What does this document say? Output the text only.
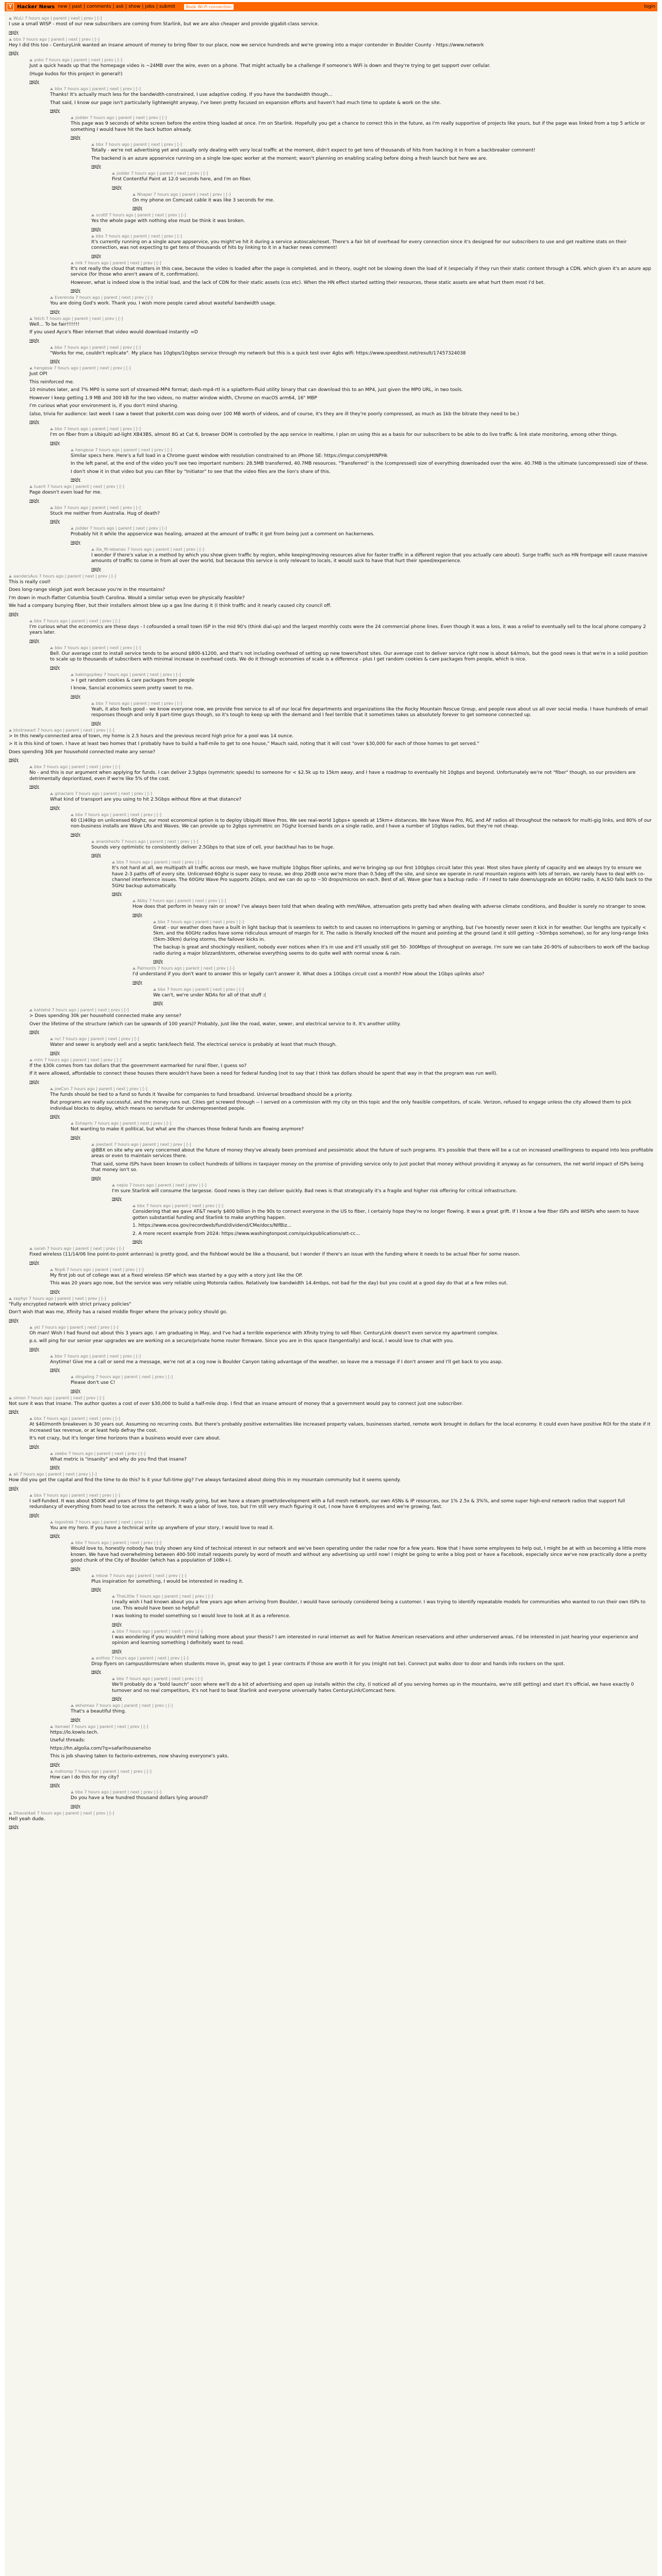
Y Hacker News new | past | comments | ask | show | jobs | submit	Book Wi-Fi connection	login
WuLi 7 hours ago | parent | next | prev | [-]

I use a small WISP - most of our new subscribers are coming from Starlink, but we are also cheaper and provide gigabit-class service.

reply
bbx 7 hours ago | parent | next | prev | [-]

Hey I did this too - CenturyLink wanted an insane amount of money to bring fiber to our place, now we service hundreds and we're growing into a major contender in Boulder County - https://www.network

reply
yoko 7 hours ago | parent | next | prev | [-]

Just a quick heads up that the homepage video is ~24MB over the wire, even on a phone. That might actually be a challenge if someone's WiFi is down and they're trying to get support over cellular.

(Huge kudos for this project in general!)

reply
bbx 7 hours ago | parent | next | prev | [-]

Thanks! It's actually much less for the bandwidth-constrained, I use adaptive coding. If you have the bandwidth though...

That said, I know our page isn't particularly lightweight anyway, I've been pretty focused on expansion efforts and haven't had much time to update & work on the site.

reply
jodder 7 hours ago | parent | next | prev | [-]

This page was 9 seconds of white screen before the entire thing loaded at once. I'm on Starlink. Hopefully you get a chance to correct this in the future, as I'm really supportive of projects like yours, but if the page was linked from a top 5 article or something I would have hit the back button already.

reply
bbx 7 hours ago | parent | next | prev | [-]

Totally - we're not advertising yet and usually only dealing with very local traffic at the moment, didn't expect to get tens of thousands of hits from hacking it in from a backbreaker comment!

The backend is an azure appservice running on a single low-spec worker at the moment; wasn't planning on enabling scaling before doing a fresh launch but here we are.

reply
jodder 7 hours ago | parent | next | prev | [-]

First Contentful Paint at 12.0 seconds here, and I'm on fiber.

reply
Nhaper 7 hours ago | parent | next | prev | [-]

On my phone on Comcast cable it was like 3 seconds for me.

reply
scottf 7 hours ago | parent | next | prev | [-]

Yes the whole page with nothing else must be think it was broken.

reply
bbx 7 hours ago | parent | next | prev | [-]

It's currently running on a single azure appservice, you might've hit it during a service autoscale/reset. There's a fair bit of overhead for every connection since it's designed for our subscribers to use and get realtime stats on their connection, was not expecting to get tens of thousands of hits by linking to it in a hacker news comment!

reply
mlk 7 hours ago | parent | next | prev | [-]

It's not really the cloud that matters in this case, because the video is loaded after the page is completed, and in theory, ought not be slowing down the load of it (especially if they run their static content through a CDN, which given it's an azure app service (for those who aren't aware of it, confirmation).

However, what is indeed slow is the initial load, and the lack of CDN for their static assets (css etc). When the HN effect started setting their resources, these static assets are what hurt them most I'd bet.

reply
Everenda 7 hours ago | parent | next | prev | [-]

You are doing God's work. Thank you. I wish more people cared about wasteful bandwidth usage.

reply
fetch 7 hours ago | parent | next | prev | [-]

Well... To be fair!!!!!!!

If you used Ayce's fiber internet that video would download instantly =D

reply
bbx 7 hours ago | parent | next | prev | [-]

"Works for me, couldn't replicate". My place has 10gbps/10gbps service through my network but this is a quick test over 4gbs wifi: https://www.speedtest.net/result/17457324038

reply
hengesw 7 hours ago | parent | next | prev | [-]

Just OPI

This reinforced me.

10 minutes later, and 7% MP0 is some sort of streamed-MP4 format; dash-mp4-rtl is a splatform-fluid utility binary that can download this to an MP4, just given the MP0 URL, in two tools.

However I keep getting 1.9 MB and 300 kB for the two videos, no matter window width, Chrome on macOS arm64, 16" MBP

I'm curious what your environment is, if you don't mind sharing.

(also, trivia for audience: last week I saw a tweet that pokerbt.com was doing over 100 MB worth of videos, and of course, it's they are ill they're poorly compressed, as much as 1kb the bitrate they need to be.)

reply
bbx 7 hours ago | parent | next | prev | [-]

I'm on fiber from a Ubiquiti ad-light XB43BS, almost 8G at Cat 6, browser DOM is controlled by the app service in realtime, I plan on using this as a basis for our subscribers to be able to do live traffic & link state monitoring, among other things.

reply
hengesw 7 hours ago | parent | next | prev | [-]

Similar specs here. Here's a full load in a Chrome guest window with resolution constrained to an iPhone SE: https://imgur.com/pHtNPHk

In the left panel, at the end of the video you'll see two important numbers: 28.5MB transferred, 40.7MB resources. "Transferred" is the (compressed) size of everything downloaded over the wire. 40.7MB is the ultimate (uncompressed) size of these.

I don't show it in that video but you can filter by "Initiator" to see that the video files are the lion's share of this.

reply
tuarrt 7 hours ago | parent | next | prev | [-]

Page doesn't even load for me.

reply
bbx 7 hours ago | parent | next | prev | [-]

Stuck me neither from Australia. Hug of death?

reply
jodder 7 hours ago | parent | next | prev | [-]

Probably hit it while the appservice was healing, amazed at the amount of traffic it got from being just a comment on hackernews.

reply
ilia_fit-lebanes 7 hours ago | parent | next | prev | [-]

I wonder if there's value in a method by which you show given traffic by region, while keeping/moving resources alive for faster traffic in a different region that you actually care about). Surge traffic such as HN frontpage will cause massive amounts of traffic to come in from all over the world, but because this service is only relevant to locals, it would suck to have that hurt their speed/experience.

reply
aandersAus 7 hours ago | parent | next | prev | [-]

This is really cool!

Does long-range sleigh just work because you're in the mountains?

I'm down in much-flatter Columbia South Carolina. Would a similar setup even be physically feasible?

We had a company bunying fiber, but their installers almost blew up a gas line during it (I think traffic and it nearly caused city council off.

reply
bbx 7 hours ago | parent | next | prev | [-]

I'm curious what the economics are these days - I cofounded a small town ISP in the mid 90's (think dial-up) and the largest monthly costs were the 24 commercial phone lines. Even though it was a loss, it was a relief to eventually sell to the local phone company 2 years later.

reply
bbx 7 hours ago | parent | next | prev | [-]

Bell. Our average cost to install service tends to be around $800-$1200, and that's not including overhead of setting up new towers/host sites. Our average cost to deliver service right now is about $4/mo/s, but the good news is that we're in a solid position to scale up to thousands of subscribers with minimal increase in overhead costs. We do it through economies of scale is a difference - plus I get random cookies & care packages from people, which is nice.

reply
bakingspikey 7 hours ago | parent | next | prev | [-]

> I get random cookies & care packages from people

I know, Sancial economics seem pretty sweet to me.

reply
bbx 7 hours ago | parent | next | prev | [-]

Yeah, it also feels good - we know everyone now, we provide free service to all of our local fire departments and organizations like the Rocky Mountain Rescue Group, and people rave about us all over social media. I have hundreds of email responses though and only 8 part-time guys though, so it's tough to keep up with the demand and I feel terrible that it sometimes takes us absolutely forever to get someone connected up.

reply
bbstrawart 7 hours ago | parent | next | prev | [-]

> In this newly-connected area of town, my home is 2.5 hours and the previous record high price for a pool was 14 ounce.

> It is this kind of town. I have at least two homes that I probably have to build a half-mile to get to one house," Mauch said, noting that it will cost "over $30,000 for each of those homes to get served."

Does spending 30k per household connected make any sense?

reply
bbx 7 hours ago | parent | next | prev | [-]

No - and this is our argument when applying for funds. I can deliver 2.5gbps (symmetric speeds) to someone for < $2.5k up to 15km away, and I have a roadmap to eventually hit 10gbps and beyond. Unfortunately we're not "fiber" though, so our providers are detrimentally deprioritized, even if we're like 5% of the cost.

reply
ginaclaro 7 hours ago | parent | next | prev | [-]

What kind of transport are you using to hit 2.5Gbps without fibre at that distance?

reply
bbx 7 hours ago | parent | next | prev | [-]

60 (1)40kp on unlicensed 60ghz, our most economical option is to deploy Ubiquiti Wave Pros. We see real-world 1gbps+ speeds at 15km+ distances. We have Wave Pro, RG, and AF radios all throughout the network for multi-gig links, and 80% of our non-business installs are Wave LRs and Waves. We can provide up to 2gbps symmetric on 7Gghz licensed bands on a single radio, and I have a number of 10gbps radios, but they're not cheap.

reply
anankhesfo 7 hours ago | parent | next | prev | [-]

Sounds very optimistic to consistently deliver 2.5Gbps to that size of cell, your backhaul has to be huge.

reply
bbx 7 hours ago | parent | next | prev | [-]

It's not hard at all, we multipath all traffic across our mesh, we have multiple 10gbps fiber uplinks, and we're bringing up our first 100gbps circuit later this year. Most sites have plenty of capacity and we always try to ensure we have 2-3 paths off of every site. Unlicensed 60ghz is super easy to reuse, we drop 20dB once we're more than 0.5deg off the site, and since we operate in rural mountain regions with lots of terrain, we rarely have to deal with co-channel interference issues. The 60GHz Wave Pro supports 2Gbps, and we can do up to ~30 drops/micros on each. Best of all, Wave gear has a backup radio - if I need to take downs/upgrade an 60GHz radio, it ALSO falls back to the 5GHz backup automatically.

reply
Abby 7 hours ago | parent | next | prev | [-]

How does that perform in heavy rain or snow? I've always been told that when dealing with mm/WAve, attenuation gets pretty bad when dealing with adverse climate conditions, and Boulder is surely no stranger to snow.

reply
bbx 7 hours ago | parent | next | prev | [-]

Great - our weather does have a built in light backup that is seamless to switch to and causes no interruptions in gaming or anything, but I've honestly never seen it kick in for weather. Our lengths are typically < 5km, and the 60GHz radios have some ridiculous amount of margin for it. The radio is literally knocked off the mount and pointing at the ground (and it still getting ~50mbps somehow), so for any long-range links (5km-30km) during storms, the failover kicks in.

The backup is great and shockingly resilient, nobody ever notices when it's in use and it'll usually still get 50- 300Mbps of throughput on average. I'm sure we can take 20-90% of subscribers to work off the backup radio during a major blizzard/storm, otherwise everything seems to do quite well with normal snow & rain.

reply
Palmonts 7 hours ago | parent | next | prev | [-]

I'd understand if you don't want to answer this or legally can't answer it. What does a 10Gbps circuit cost a month? How about the 1Gbps uplinks also?

reply
bbx 7 hours ago | parent | next | prev | [-]

We can't, we're under NDAs for all of that stuff :(

reply
kahlehd 7 hours ago | parent | next | prev | [-]

> Does spending 30k per household connected make any sense?

Over the lifetime of the structure (which can be upwards of 100 years)? Probably, just like the road, water, sewer, and electrical service to it. It's another utility.

reply
ncl 7 hours ago | parent | next | prev | [-]

Water and sewer is anybody well and a septic tank/leech field. The electrical service is probably at least that much though.

reply
mlin 7 hours ago | parent | next | prev | [-]

If the $30k comes from tax dollars that the government earmarked for rural fiber, I guess so?

If it were allowed, affordable to connect these houses there wouldn't have been a need for federal funding (not to say that I think tax dollars should be spent that way in that the program was run well).

reply
joeCon 7 hours ago | parent | next | prev | [-]

The funds should be tied to a fund so funds it Yavaibe for companies to fund broadband. Universal broadband should be a priority.

But programs are really successful, and the money runs out. Cities get screwed through -- I served on a commission with my city on this topic and the only feasible competitors, of scale. Verizon, refused to engage unless the city allowed them to pick individual blocks to deploy, which means no servitude for underrepresented people.

reply
Eshapris 7 hours ago | parent | next | prev | [-]

Not wanting to make it political, but what are the chances those federal funds are flowing anymore?

reply
joestant 7 hours ago | parent | next | prev | [-]

@BBX on site why are very concerned about the future of money they've already been promised and pessimistic about the future of such programs. It's possible that there will be a cut on increased unwillingness to expand into less profitable areas or even to maintain services there.

That said, some ISPs have been known to collect hundreds of billions in taxpayer money on the promise of providing service only to just pocket that money without providing it anyway as far consumers, the net world impact of ISPs being that money isn't so.

reply
nepio 7 hours ago | parent | next | prev | [-]

I'm sure Starlink will consume the largesse. Good news is they can deliver quickly. Bad news is that strategically it's a fragile and higher risk offering for critical infrastructure.

reply
bbx 7 hours ago | parent | next | prev | [-]

Considering that we gave AT&T nearly $400 billion in the 90s to connect everyone in the US to fiber, I certainly hope they're no longer flowing. It was a great grift. If I know a few fiber ISPs and WISPs who seem to have gotten substantial funding and Starlink to make anything happen.

1. https://www.ecoa.gov/recordweb/fund/dividend/CMe/docs/NIfBiz...

2. A more recent example from 2024: https://www.washingtonpost.com/quickpublications/att-cc...

reply
sarah 7 hours ago | parent | next | prev | [-]

Fixed wireless (11/14/06 line point-to-point antennas) is pretty good, and the fishbowl would be like a thousand, but I wonder if there's an issue with the funding where it needs to be actual fiber for some reason.

reply
Nsp6 7 hours ago | parent | next | prev | [-]

My first job out of college was at a fixed wireless ISP which was started by a guy with a story just like the OP.

This was 20 years ago now, but the service was very reliable using Motorola radios. Relatively low bandwidth 14.4mbps, not bad for the day) but you could at a good day do that at a few miles out.

reply
zephyr 7 hours ago | parent | next | prev | [-]

"Fully encrypted network with strict privacy policies"

Don't wish that was me, Xfinity has a raised middle finger where the privacy policy should go.

reply
ykl 7 hours ago | parent | next | prev | [-]

Oh man! Wish I had found out about this 3 years ago. I am graduating in May, and I've had a terrible experience with Xfinity trying to sell fiber. CenturyLink doesn't even service my apartment complex.

p.s. will ping for our senior year upgrades we are working on a secure/private home router firmware. Since you are in this space (tangentially) and local, I would love to chat with you.

reply
bbx 7 hours ago | parent | next | prev | [-]

Anytime! Give me a call or send me a message, we're not at a cog now is Boulder Canyon taking advantage of the weather, so leave me a message if I don't answer and I'll get back to you asap.

reply
dingaling 7 hours ago | parent | next | prev | [-]

Please don't use C!

reply
simon 7 hours ago | parent | next | prev | [-]

Not sure it was that insane. The author quotes a cost of over $30,000 to build a half-mile drop. I find that an insane amount of money that a government would pay to connect just one subscriber.

reply
bbx 7 hours ago | parent | next | prev | [-]

At $40/month breakeven is 30 years out. Assuming no recurring costs. But there's probably positive externalities like increased property values, businesses started, remote work brought in dollars for the local economy. It could even have positive ROI for the state if it increased tax revenue, or at least help defray the cost.

It's not crazy, but it's longer time horizons than a business would ever care about.

reply
zeebo 7 hours ago | parent | next | prev | [-]

What metric is "insanity" and why do you find that insane?

reply
ali 7 hours ago | parent | next | prev | [-]

How did you get the capital and find the time to do this? Is it your full-time gig? I've always fantasized about doing this in my mountain community but it seems spendy.

reply
bbx 7 hours ago | parent | next | prev | [-]

I self-funded. It was about $500K and years of time to get things really going, but we have a steam growth/development with a full mesh network, our own ASNs & IP resources, our 1% 2.5x & 3%%, and some super high-end network radios that support full redundancy of everything from head to toe across the network. It was a labor of love, too, but I'm still very much figuring it out, I now have 6 employees and we're growing, fast.

reply
logostrek 7 hours ago | parent | next | prev | [-]

You are my hero. If you have a technical write up anywhere of your story, I would love to read it.

reply
bbx 7 hours ago | parent | next | prev | [-]

Would love to, honestly nobody has truly shown any kind of technical interest in our network and we've been operating under the radar now for a few years. Now that I have some employees to help out, I might be at with us becoming a little more known. We have had overwhelming between 400-500 install requests purely by word of mouth and without any advertising up until now! I might be going to write a blog post or have a Facebook, especially since we've now practically done a pretty good chunk of the City of Boulder (which has a population of 108k+).

reply
mkow 7 hours ago | parent | next | prev | [-]

Plus inspiration for something, I would be interested in reading it.

reply
TheLittle 7 hours ago | parent | next | prev | [-]

I really wish I had known about you a few years ago when arriving from Boulder, I would have seriously considered being a customer. I was trying to identify repeatable models for communities who wanted to run their own ISPs to use. This would have been so helpful!

I was looking to model something so I would love to look at it as a reference.

reply
bbx 7 hours ago | parent | next | prev | [-]

I was wondering if you wouldn't mind talking more about your thesis? I am interested in rural internet as well for Native American reservations and other underserved areas. I'd be interested in just hearing your experience and opinion and learning something I definitely want to read.

reply
enthos 7 hours ago | parent | next | prev | [-]

Drop flyers on campus/dorms/are when students move in, great way to get 1 year contracts if those are worth it for you (might not be). Connect put walks door to door and hands info rockers on the spot.

reply
bbx 7 hours ago | parent | next | prev | [-]

We'll probably do a "bold launch" soon where we'll do a bit of advertising and open up installs within the city, (I noticed all of you serving homes up in the mountains, we're still getting) and start it's official, we have exactly 0 turnover and no real competitors, it's not hard to beat Starlink and everyone universally hates CenturyLink/Comcast here.

reply
ekhomax 7 hours ago | parent | next | prev | [-]

That's a beautiful thing.

reply
llamael 7 hours ago | parent | next | prev | [-]

https://lo.kowlo.tech.

Useful threads:

https://hn.algolia.com/?q=safarihousenelso

This is job shaving taken to factorio-extremes, now shaving everyone's yaks.

reply
mdhomp 7 hours ago | parent | next | prev | [-]

How can I do this for my city?

reply
bbx 7 hours ago | parent | next | prev | [-]

Do you have a few hundred thousand dollars lying around?

reply
Dhaval4a6 7 hours ago | parent | next | prev | [-]

Hell yeah dude.

reply
